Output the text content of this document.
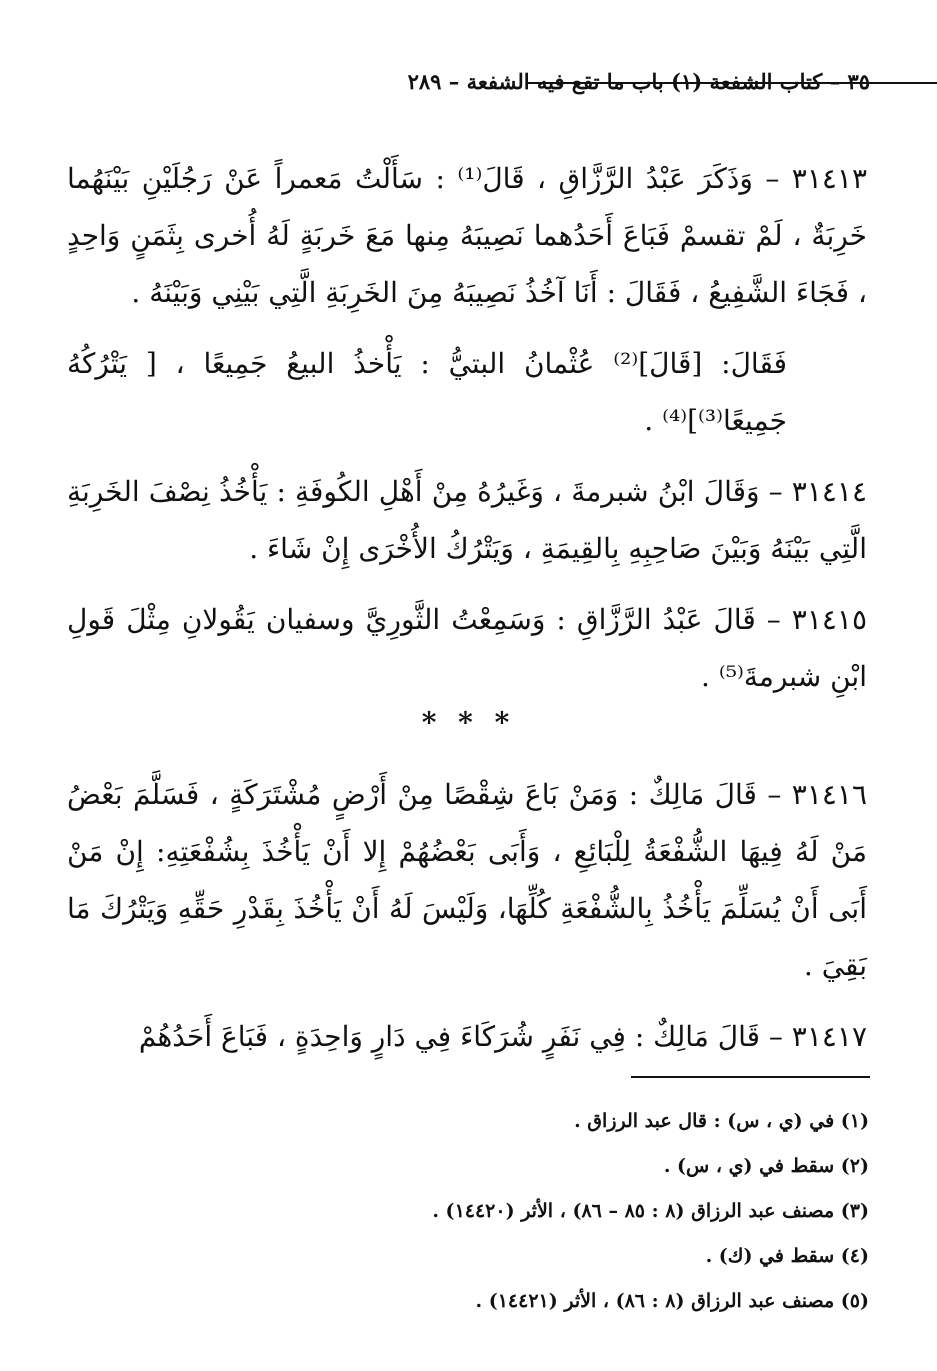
٣٥ – كتاب الشفعة (١) باب ما تقع فيه الشفعة – ٢٨٩

٣١٤١٣ – وَذَكَرَ عَبْدُ الرَّزَّاقِ ، قَالَ⁽¹⁾ : سَأَلْتُ مَعمراً عَنْ رَجُلَيْنِ بَيْنَهُما خَرِبَةٌ ، لَمْ تقسمْ فَبَاعَ أَحَدُهما نَصِيبَهُ مِنها مَعَ خَربَةٍ لَهُ أُخرى بِثَمَنٍ وَاحِدٍ ، فَجَاءَ الشَّفِيعُ ، فَقَالَ : أَنَا آخُذُ نَصِيبَهُ مِنَ الخَرِبَةِ الَّتِي بَيْنِي وَبَيْنَهُ .

فَقَالَ: [قَالَ]⁽²⁾ عُثْمانُ البتيُّ : يَأْخذُ البيعُ جَمِيعًا ، [ يَتْرُكُهُ جَمِيعًا⁽³⁾]⁽⁴⁾ .

٣١٤١٤ – وَقَالَ ابْنُ شبرمةَ ، وَغَيرُهُ مِنْ أَهْلِ الكُوفَةِ : يَأْخُذُ نِصْفَ الخَرِبَةِ الَّتِي بَيْنَهُ وَبَيْنَ صَاحِبِهِ بِالقِيمَةِ ، وَيَتْرُكُ الأُخْرَى إِنْ شَاءَ .

٣١٤١٥ – قَالَ عَبْدُ الرَّزَّاقِ : وَسَمِعْتُ الثَّورِيَّ وسفيان يَقُولانِ مِثْلَ قَولِ ابْنِ شبرمةَ⁽⁵⁾ .

* * *

٣١٤١٦ – قَالَ مَالِكٌ : وَمَنْ بَاعَ شِقْصًا مِنْ أَرْضٍ مُشْتَرَكَةٍ ، فَسَلَّمَ بَعْضُ مَنْ لَهُ فِيهَا الشُّفْعَةُ لِلْبَائِعِ ، وَأَبَى بَعْضُهُمْ إِلا أَنْ يَأْخُذَ بِشُفْعَتِهِ: إِنْ مَنْ أَبَى أَنْ يُسَلِّمَ يَأْخُذُ بِالشُّفْعَةِ كُلِّهَا، وَلَيْسَ لَهُ أَنْ يَأْخُذَ بِقَدْرِ حَقِّهِ وَيَتْرُكَ مَا بَقِيَ .

٣١٤١٧ – قَالَ مَالِكٌ : فِي نَفَرٍ شُرَكَاءَ فِي دَارٍ وَاحِدَةٍ ، فَبَاعَ أَحَدُهُمْ

(١) في (ي ، س) : قال عبد الرزاق .

(٢) سقط في (ي ، س) .

(٣) مصنف عبد الرزاق (٨ : ٨٥ – ٨٦) ، الأثر (١٤٤٢٠) .

(٤) سقط في (ك) .

(٥) مصنف عبد الرزاق (٨ : ٨٦) ، الأثر (١٤٤٢١) .
